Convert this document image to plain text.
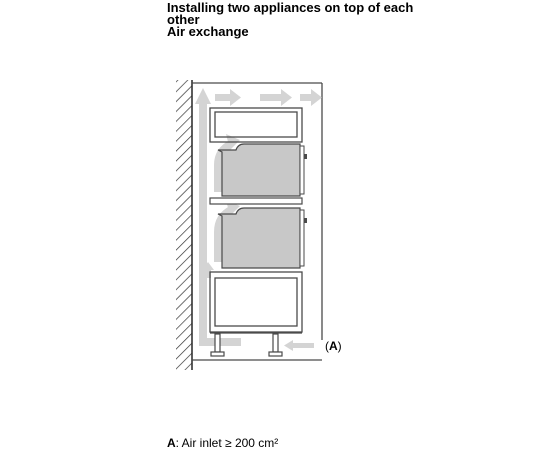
Installing two appliances on top of each
other
Air exchange
(A)
A: Air inlet ≥ 200 cm²
